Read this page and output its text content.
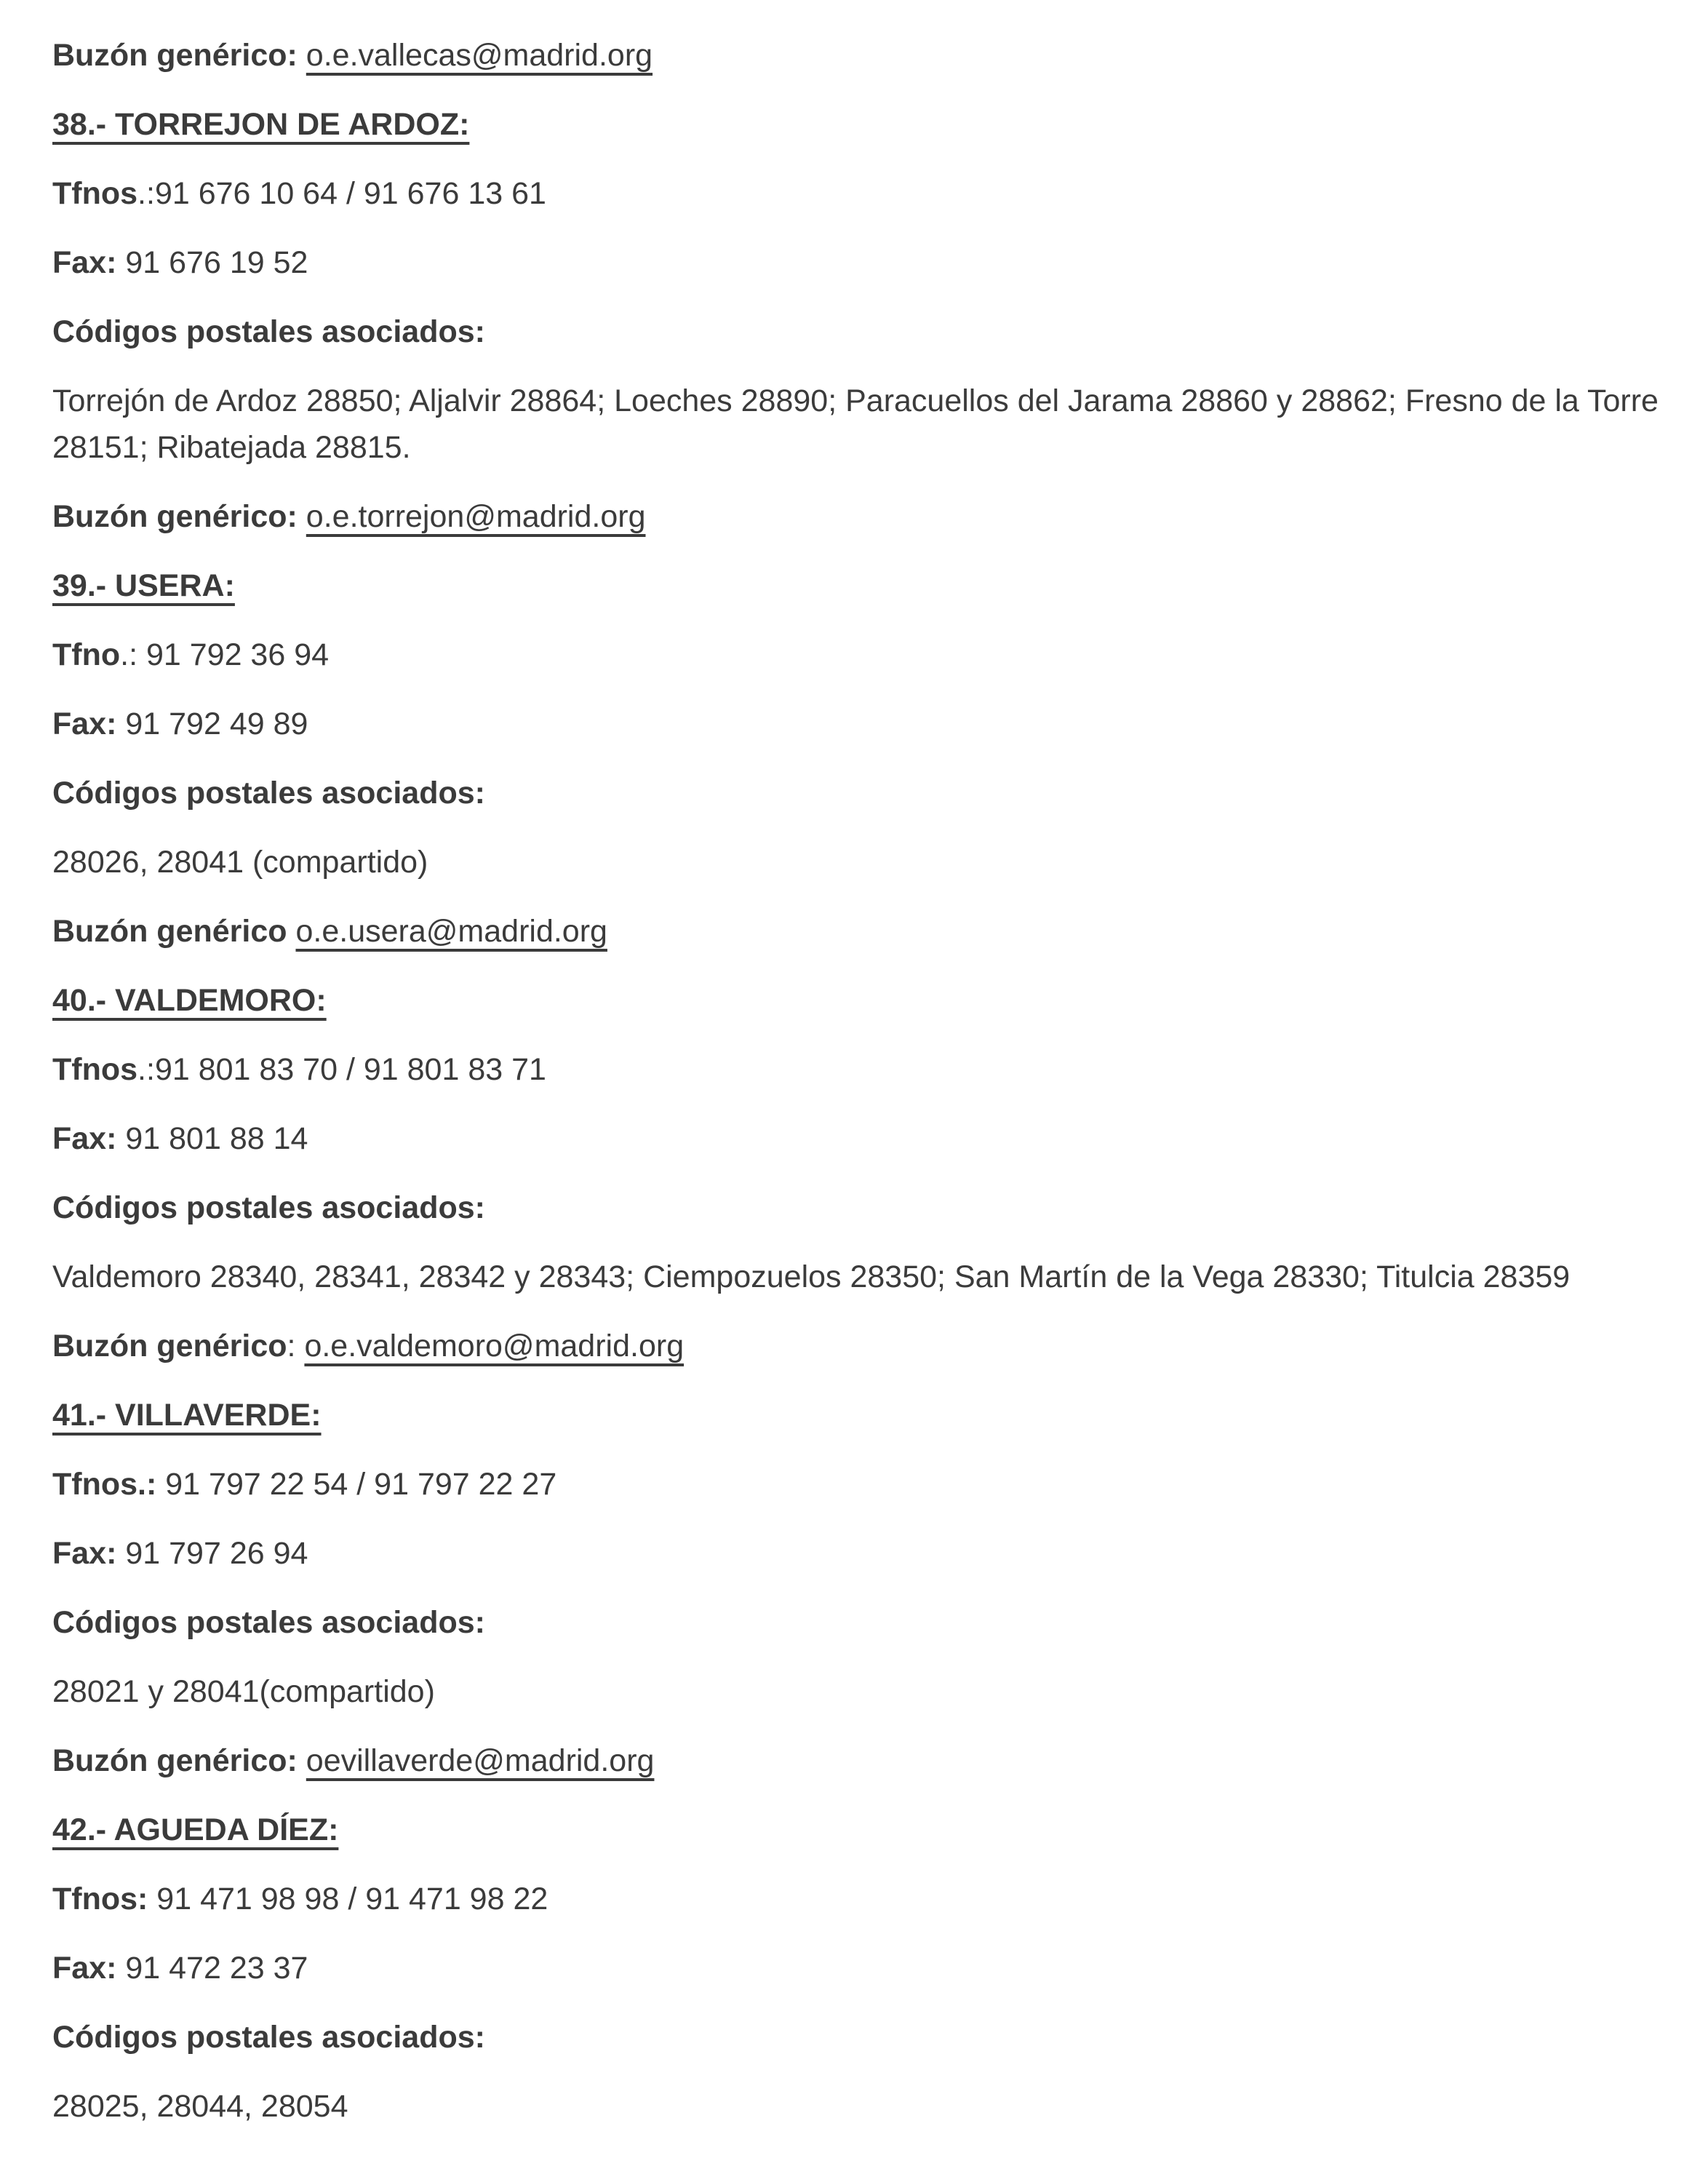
Buzón genérico: o.e.vallecas@madrid.org

38.- TORREJON DE ARDOZ:

Tfnos.:91 676 10 64 / 91 676 13 61

Fax: 91 676 19 52

Códigos postales asociados:

Torrejón de Ardoz 28850; Aljalvir 28864; Loeches 28890; Paracuellos del Jarama 28860 y 28862; Fresno de la Torre 28151; Ribatejada 28815.

Buzón genérico: o.e.torrejon@madrid.org

39.- USERA:

Tfno.: 91 792 36 94

Fax: 91 792 49 89

Códigos postales asociados:

28026, 28041 (compartido)

Buzón genérico o.e.usera@madrid.org

40.- VALDEMORO:

Tfnos.:91 801 83 70 / 91 801 83 71

Fax: 91 801 88 14

Códigos postales asociados:

Valdemoro 28340, 28341, 28342 y 28343; Ciempozuelos 28350; San Martín de la Vega 28330; Titulcia 28359

Buzón genérico: o.e.valdemoro@madrid.org

41.- VILLAVERDE:

Tfnos.: 91 797 22 54 / 91 797 22 27

Fax: 91 797 26 94

Códigos postales asociados:

28021 y 28041(compartido)

Buzón genérico: oevillaverde@madrid.org

42.- AGUEDA DÍEZ:

Tfnos: 91 471 98 98 / 91 471 98 22

Fax: 91 472 23 37

Códigos postales asociados:

28025, 28044, 28054
